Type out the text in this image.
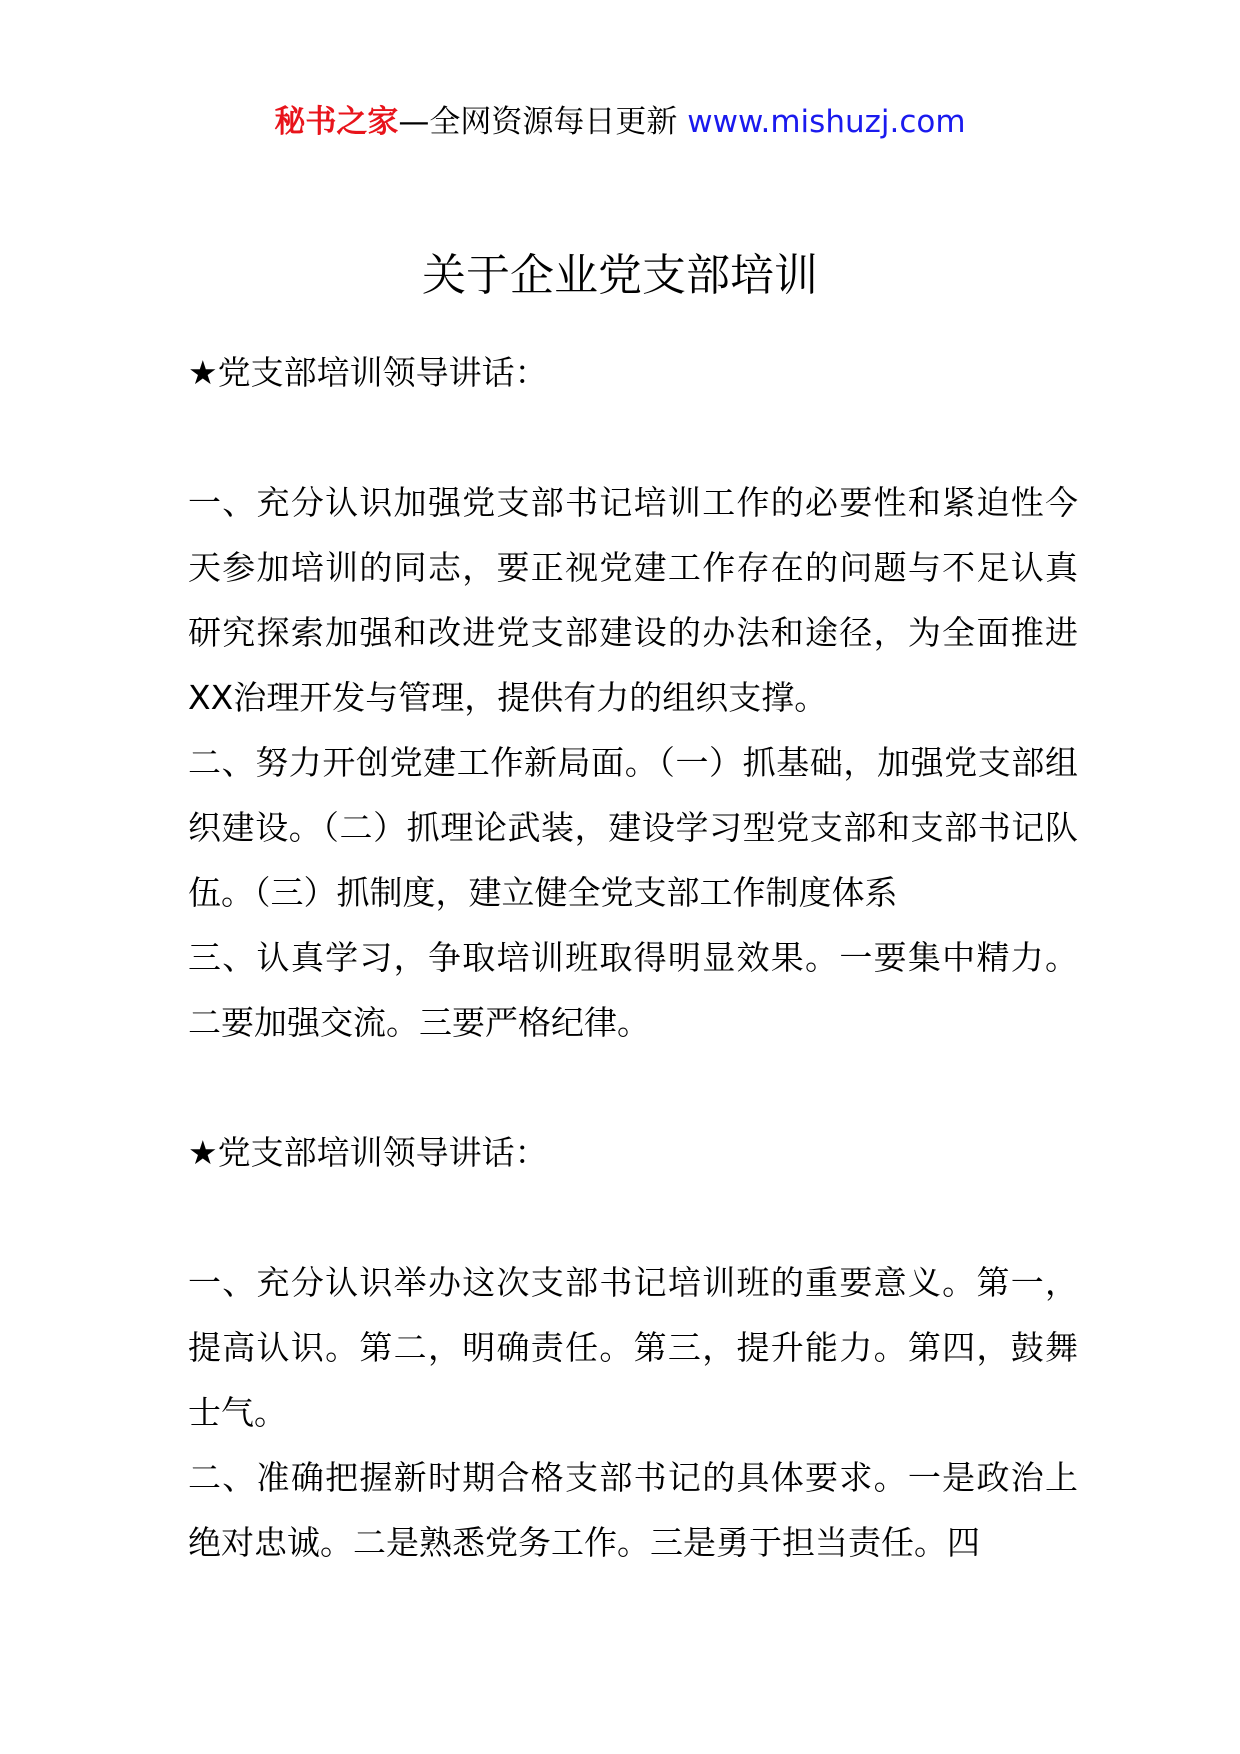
秘书之家—全网资源每日更新 www.mishuzj.com
关于企业党支部培训

★党支部培训领导讲话：

一、充分认识加强党支部书记培训工作的必要性和紧迫性今天参加培训的同志，要正视党建工作存在的问题与不足认真研究探索加强和改进党支部建设的办法和途径，为全面推进XX治理开发与管理，提供有力的组织支撑。

二、努力开创党建工作新局面。（一）抓基础，加强党支部组织建设。（二）抓理论武装，建设学习型党支部和支部书记队伍。（三）抓制度，建立健全党支部工作制度体系

三、认真学习，争取培训班取得明显效果。一要集中精力。二要加强交流。三要严格纪律。

★党支部培训领导讲话：

一、充分认识举办这次支部书记培训班的重要意义。第一，提高认识。第二，明确责任。第三，提升能力。第四，鼓舞士气。

二、准确把握新时期合格支部书记的具体要求。一是政治上绝对忠诚。二是熟悉党务工作。三是勇于担当责任。四
